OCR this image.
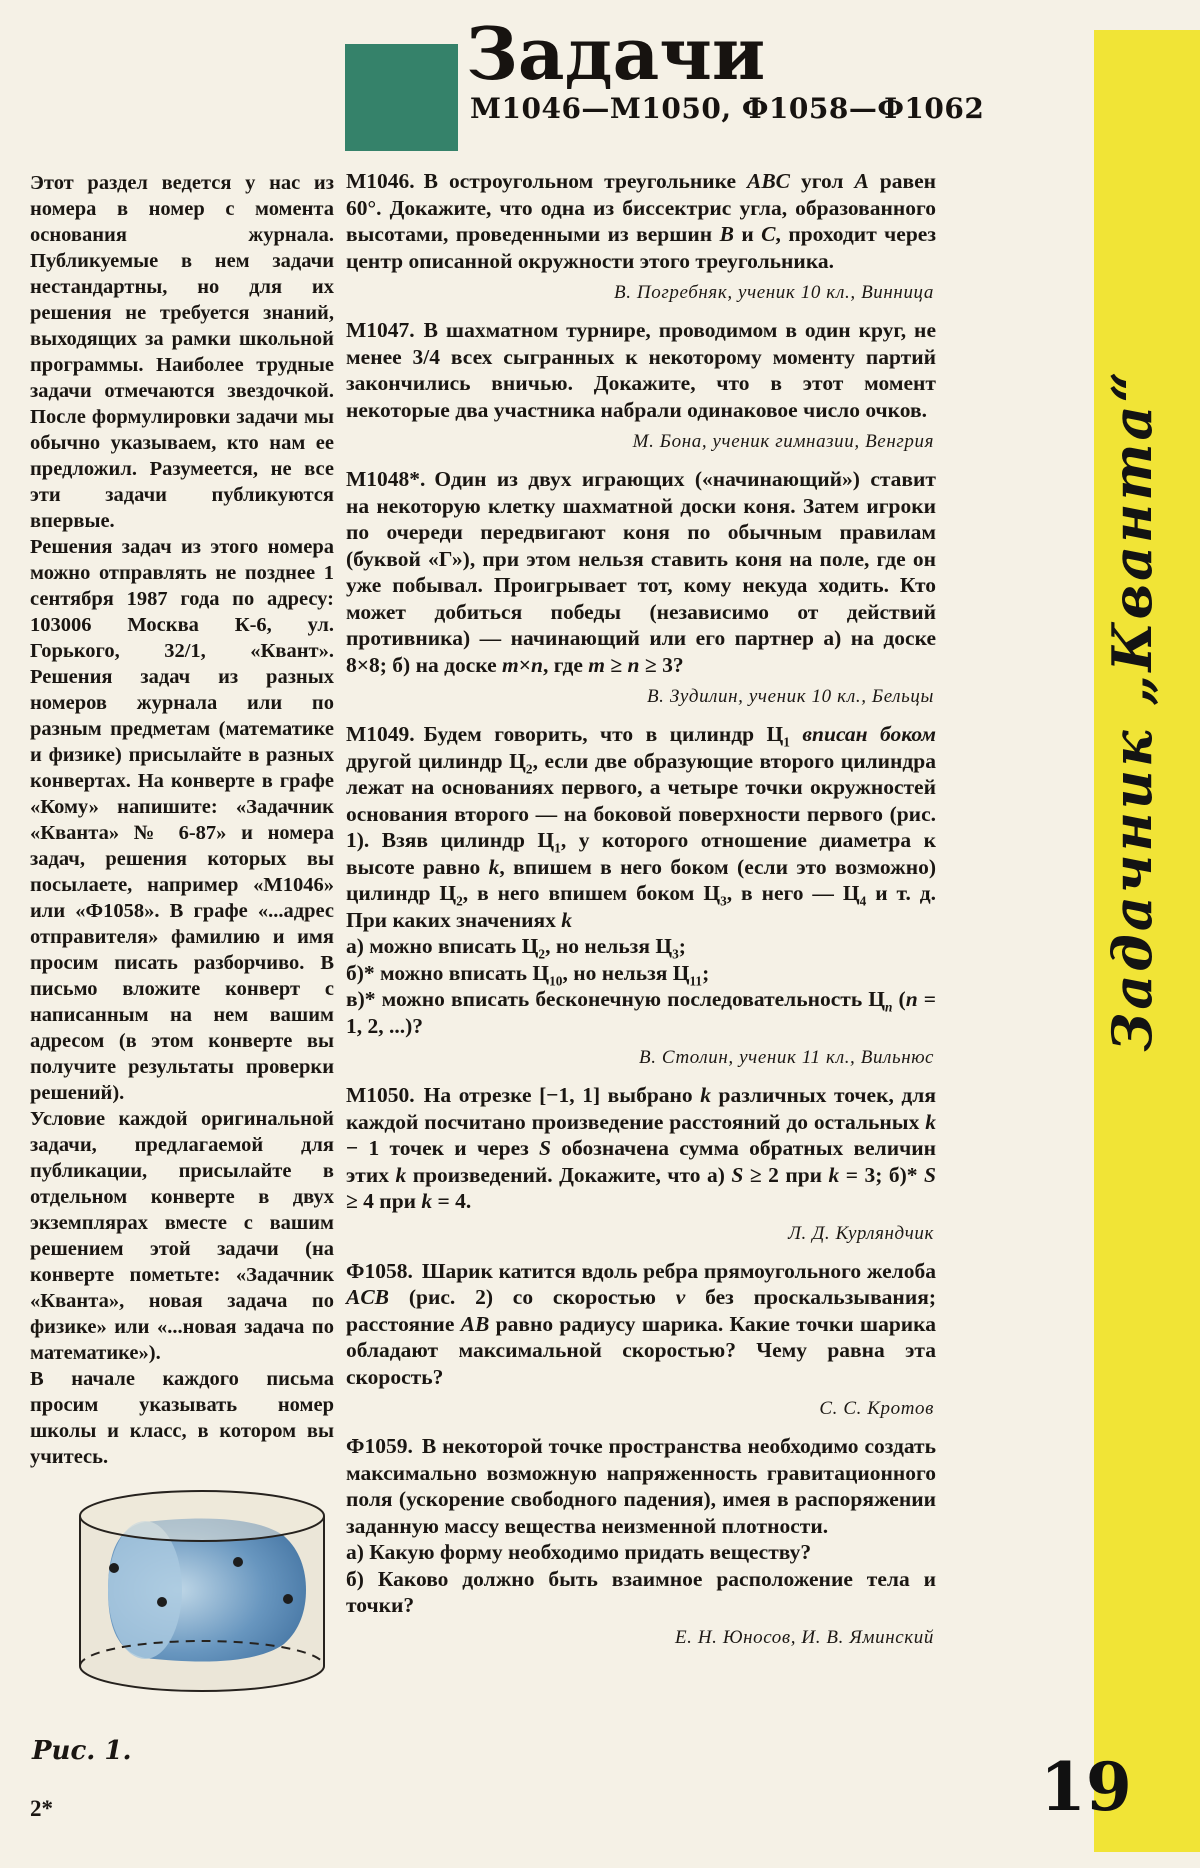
Задачник „Кванта“
Задачи
М1046—М1050, Ф1058—Ф1062

Этот раздел ведется у нас из номера в номер с момента основания журнала. Публикуемые в нем задачи нестандартны, но для их решения не требуется знаний, выходящих за рамки школьной программы. Наиболее трудные задачи отмечаются звездочкой. После формулировки задачи мы обычно указываем, кто нам ее предложил. Разумеется, не все эти задачи публикуются впервые.

Решения задач из этого номера можно отправлять не позднее 1 сентября 1987 года по адресу: 103006 Москва К-6, ул. Горького, 32/1, «Квант». Решения задач из разных номеров журнала или по разным предметам (математике и физике) присылайте в разных конвертах. На конверте в графе «Кому» напишите: «Задачник «Кванта» № 6-87» и номера задач, решения которых вы посылаете, например «М1046» или «Ф1058». В графе «...адрес отправителя» фамилию и имя просим писать разборчиво. В письмо вложите конверт с написанным на нем вашим адресом (в этом конверте вы получите результаты проверки решений).

Условие каждой оригинальной задачи, предлагаемой для публикации, присылайте в отдельном конверте в двух экземплярах вместе с вашим решением этой задачи (на конверте пометьте: «Задачник «Кванта», новая задача по физике» или «...новая задача по математике»).

В начале каждого письма просим указывать номер школы и класс, в котором вы учитесь.

М1046. В остроугольном треугольнике ABC угол A равен 60°. Докажите, что одна из биссектрис угла, образованного высотами, проведенными из вершин B и C, проходит через центр описанной окружности этого треугольника.
В. Погребняк, ученик 10 кл., Винница
М1047. В шахматном турнире, проводимом в один круг, не менее 3/4 всех сыгранных к некоторому моменту партий закончились вничью. Докажите, что в этот момент некоторые два участника набрали одинаковое число очков.
М. Бона, ученик гимназии, Венгрия
М1048*. Один из двух играющих («начинающий») ставит на некоторую клетку шахматной доски коня. Затем игроки по очереди передвигают коня по обычным правилам (буквой «Г»), при этом нельзя ставить коня на поле, где он уже побывал. Проигрывает тот, кому некуда ходить. Кто может добиться победы (независимо от действий противника) — начинающий или его партнер а) на доске 8×8; б) на доске m×n, где m ≥ n ≥ 3?
В. Зудилин, ученик 10 кл., Бельцы
М1049. Будем говорить, что в цилиндр $Ц_1$ вписан боком другой цилиндр $Ц_2$, если две образующие второго цилиндра лежат на основаниях первого, а четыре точки окружностей основания второго — на боковой поверхности первого (рис. 1). Взяв цилиндр $Ц_1$, у которого отношение диаметра к высоте равно k, впишем в него боком (если это возможно) цилиндр $Ц_2$, в него впишем боком $Ц_3$, в него — $Ц_4$ и т. д. При каких значениях k
а) можно вписать $Ц_2$, но нельзя $Ц_3$;
б)* можно вписать $Ц_{10}$, но нельзя $Ц_{11}$;
в)* можно вписать бесконечную последовательность $Ц_n$ (n = 1, 2, ...)?
В. Столин, ученик 11 кл., Вильнюс
М1050. На отрезке [−1, 1] выбрано k различных точек, для каждой посчитано произведение расстояний до остальных k − 1 точек и через S обозначена сумма обратных величин этих k произведений. Докажите, что а) S ≥ 2 при k = 3; б)* S ≥ 4 при k = 4.
Л. Д. Курляндчик
Ф1058. Шарик катится вдоль ребра прямоугольного желоба ACB (рис. 2) со скоростью v без проскальзывания; расстояние AB равно радиусу шарика. Какие точки шарика обладают максимальной скоростью? Чему равна эта скорость?
С. С. Кротов
Ф1059. В некоторой точке пространства необходимо создать максимально возможную напряженность гравитационного поля (ускорение свободного падения), имея в распоряжении заданную массу вещества неизменной плотности.
а) Какую форму необходимо придать веществу?
б) Каково должно быть взаимное расположение тела и точки?
Е. Н. Юносов, И. В. Яминский
Рис. 1.
2*	19
